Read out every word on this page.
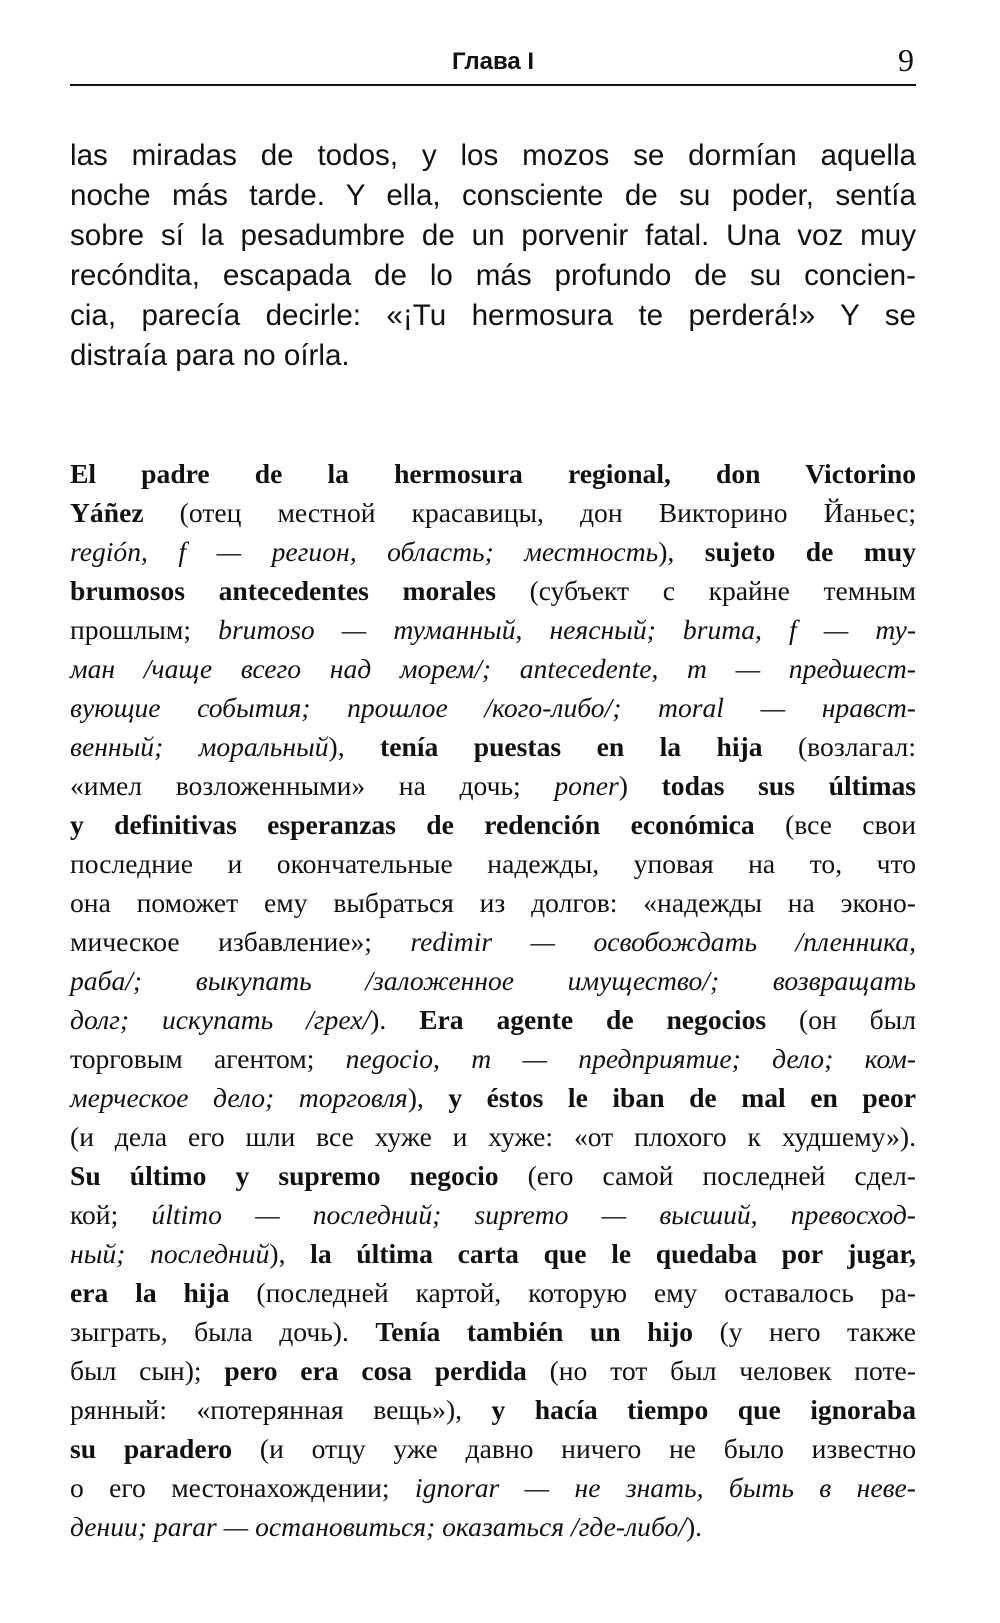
Глава I	9
las miradas de todos, y los mozos se dormían aquella
noche más tarde. Y ella, consciente de su poder, sentía
sobre sí la pesadumbre de un porvenir fatal. Una voz muy
recóndita, escapada de lo más profundo de su concien-
cia, parecía decirle: «¡Tu hermosura te perderá!» Y se
distraía para no oírla.
El padre de la hermosura regional, don Victorino
Yáñez (отец местной красавицы, дон Викторино Йаньес;
región, f — регион, область; местность), sujeto de muy
brumosos antecedentes morales (субъект с крайне темным
прошлым; brumoso — туманный, неясный; bruma, f — ту-
ман /чаще всего над морем/; antecedente, m — предшест-
вующие события; прошлое /кого-либо/; moral — нравст-
венный; моральный), tenía puestas en la hija (возлагал:
«имел возложенными» на дочь; poner) todas sus últimas
y definitivas esperanzas de redención económica (все свои
последние и окончательные надежды, уповая на то, что
она поможет ему выбраться из долгов: «надежды на эконо-
мическое избавление»; redimir — освобождать /пленника,
раба/; выкупать /заложенное имущество/; возвращать
долг; искупать /грех/). Era agente de negocios (он был
торговым агентом; negocio, m — предприятие; дело; ком-
мерческое дело; торговля), y éstos le iban de mal en peor
(и дела его шли все хуже и хуже: «от плохого к худшему»).
Su último y supremo negocio (его самой последней сдел-
кой; último — последний; supremo — высший, превосход-
ный; последний), la última carta que le quedaba por jugar,
era la hija (последней картой, которую ему оставалось ра-
зыграть, была дочь). Tenía también un hijo (у него также
был сын); pero era cosa perdida (но тот был человек поте-
рянный: «потерянная вещь»), y hacía tiempo que ignoraba
su paradero (и отцу уже давно ничего не было известно
о его местонахождении; ignorar — не знать, быть в неве-
дении; parar — остановиться; оказаться /где-либо/).
